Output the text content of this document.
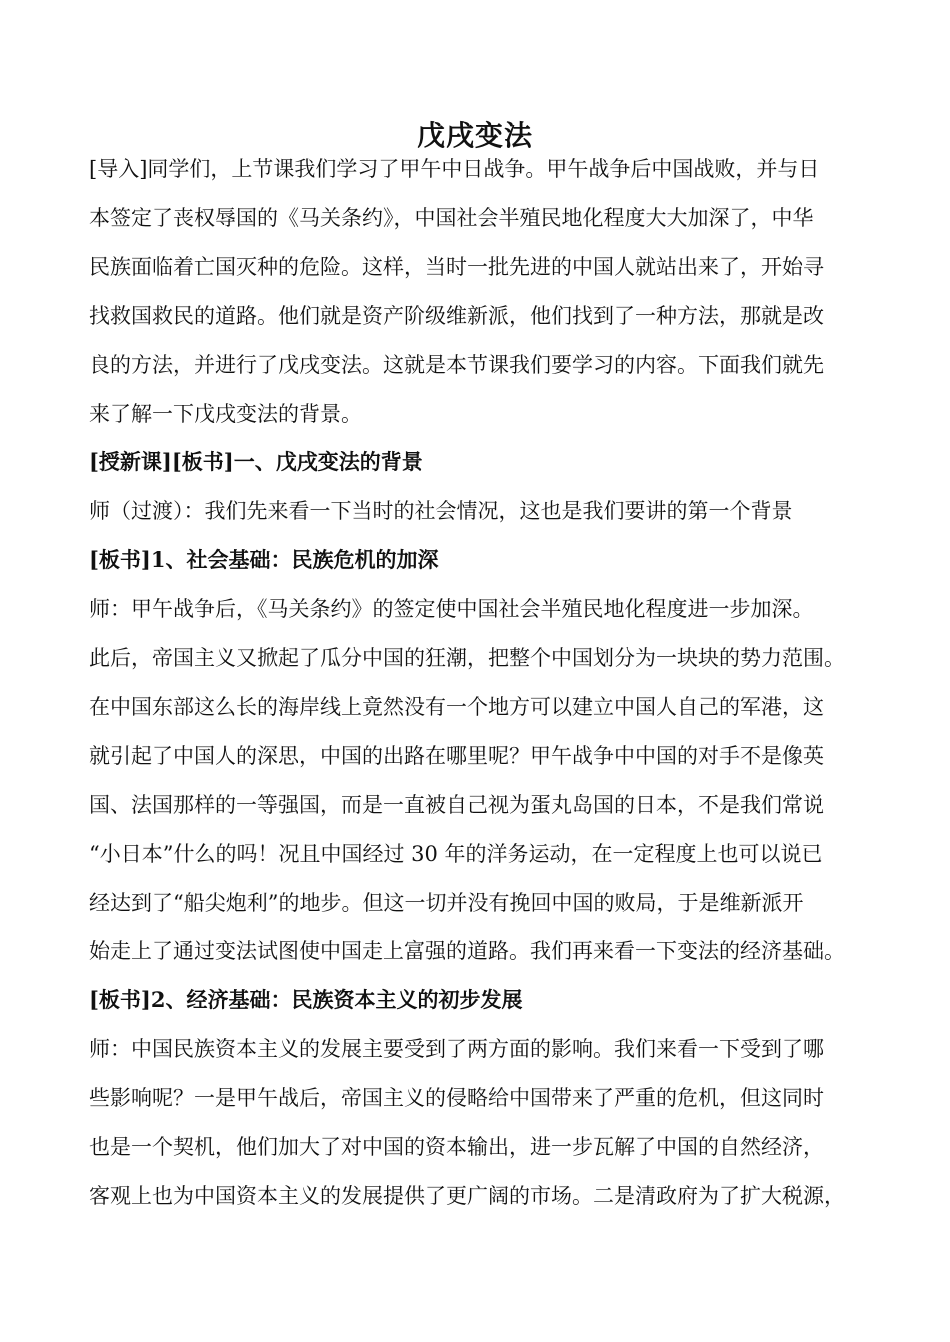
戊戌变法
[导入]同学们，上节课我们学习了甲午中日战争。甲午战争后中国战败，并与日
本签定了丧权辱国的《马关条约》，中国社会半殖民地化程度大大加深了，中华
民族面临着亡国灭种的危险。这样，当时一批先进的中国人就站出来了，开始寻
找救国救民的道路。他们就是资产阶级维新派，他们找到了一种方法，那就是改
良的方法，并进行了戊戌变法。这就是本节课我们要学习的内容。下面我们就先
来了解一下戊戌变法的背景。
[授新课][板书]一、戊戌变法的背景
师（过渡）：我们先来看一下当时的社会情况，这也是我们要讲的第一个背景
[板书]1、社会基础：民族危机的加深
师：甲午战争后，《马关条约》的签定使中国社会半殖民地化程度进一步加深。
此后，帝国主义又掀起了瓜分中国的狂潮，把整个中国划分为一块块的势力范围。
在中国东部这么长的海岸线上竟然没有一个地方可以建立中国人自己的军港，这
就引起了中国人的深思，中国的出路在哪里呢？甲午战争中中国的对手不是像英
国、法国那样的一等强国，而是一直被自己视为蛋丸岛国的日本，不是我们常说
“小日本”什么的吗！况且中国经过 30 年的洋务运动，在一定程度上也可以说已
经达到了“船尖炮利”的地步。但这一切并没有挽回中国的败局，于是维新派开
始走上了通过变法试图使中国走上富强的道路。我们再来看一下变法的经济基础。
[板书]2、经济基础：民族资本主义的初步发展
师：中国民族资本主义的发展主要受到了两方面的影响。我们来看一下受到了哪
些影响呢？一是甲午战后，帝国主义的侵略给中国带来了严重的危机，但这同时
也是一个契机，他们加大了对中国的资本输出，进一步瓦解了中国的自然经济，
客观上也为中国资本主义的发展提供了更广阔的市场。二是清政府为了扩大税源，
